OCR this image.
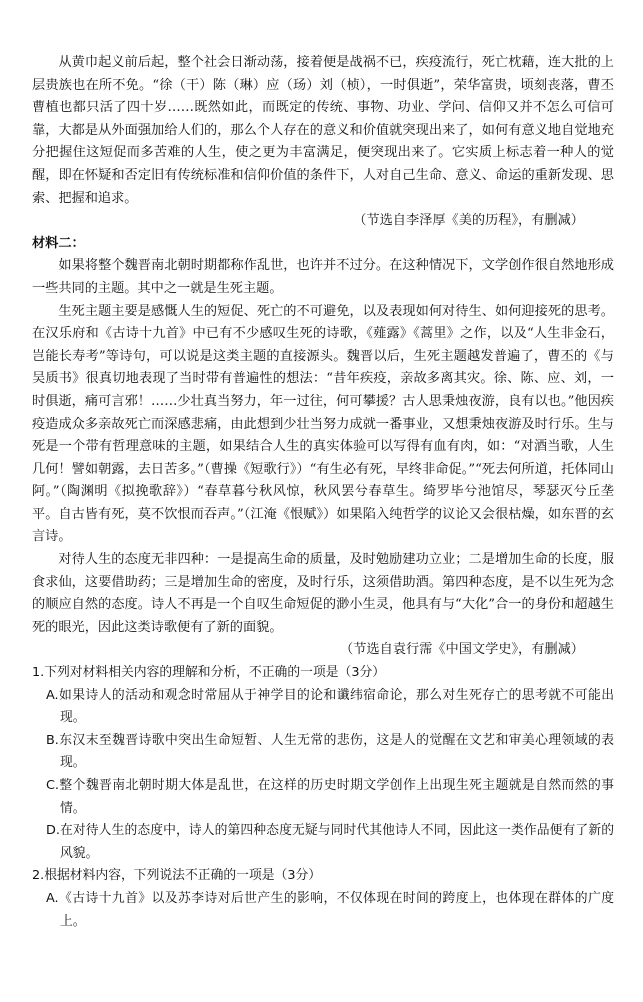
从黄巾起义前后起，整个社会日渐动荡，接着便是战祸不已，疾疫流行，死亡枕藉，连大批的上层贵族也在所不免。“徐（干）陈（琳）应（玚）刘（桢），一时俱逝”，荣华富贵，顷刻丧落，曹丕曹植也都只活了四十岁……既然如此，而既定的传统、事物、功业、学问、信仰又并不怎么可信可靠，大都是从外面强加给人们的，那么个人存在的意义和价值就突现出来了，如何有意义地自觉地充分把握住这短促而多苦难的人生，使之更为丰富满足，便突现出来了。它实质上标志着一种人的觉醒，即在怀疑和否定旧有传统标准和信仰价值的条件下，人对自己生命、意义、命运的重新发现、思索、把握和追求。

（节选自李泽厚《美的历程》，有删减）

材料二：

如果将整个魏晋南北朝时期都称作乱世，也许并不过分。在这种情况下，文学创作很自然地形成一些共同的主题。其中之一就是生死主题。

生死主题主要是感慨人生的短促、死亡的不可避免，以及表现如何对待生、如何迎接死的思考。在汉乐府和《古诗十九首》中已有不少感叹生死的诗歌，《薤露》《蒿里》之作，以及“人生非金石，岂能长寿考”等诗句，可以说是这类主题的直接源头。魏晋以后，生死主题越发普遍了，曹丕的《与吴质书》很真切地表现了当时带有普遍性的想法：“昔年疾疫，亲故多离其灾。徐、陈、应、刘，一时俱逝，痛可言邪！……少壮真当努力，年一过往，何可攀援？古人思秉烛夜游，良有以也。”他因疾疫造成众多亲故死亡而深感悲痛，由此想到少壮当努力成就一番事业，又想秉烛夜游及时行乐。生与死是一个带有哲理意味的主题，如果结合人生的真实体验可以写得有血有肉，如：“对酒当歌，人生几何！譬如朝露，去日苦多。”（曹操《短歌行》）“有生必有死，早终非命促。”“死去何所道，托体同山阿。”（陶渊明《拟挽歌辞》）“春草暮兮秋风惊，秋风罢兮春草生。绮罗毕兮池馆尽，琴瑟灭兮丘垄平。自古皆有死，莫不饮恨而吞声。”（江淹《恨赋》）如果陷入纯哲学的议论又会很枯燥，如东晋的玄言诗。

对待人生的态度无非四种：一是提高生命的质量，及时勉励建功立业；二是增加生命的长度，服食求仙，这要借助药；三是增加生命的密度，及时行乐，这须借助酒。第四种态度，是不以生死为念的顺应自然的态度。诗人不再是一个自叹生命短促的渺小生灵，他具有与“大化”合一的身份和超越生死的眼光，因此这类诗歌便有了新的面貌。

（节选自袁行霈《中国文学史》，有删减）

1.下列对材料相关内容的理解和分析，不正确的一项是（3分）

A.如果诗人的活动和观念时常屈从于神学目的论和谶纬宿命论，那么对生死存亡的思考就不可能出现。

B.东汉末至魏晋诗歌中突出生命短暂、人生无常的悲伤，这是人的觉醒在文艺和审美心理领域的表现。

C.整个魏晋南北朝时期大体是乱世，在这样的历史时期文学创作上出现生死主题就是自然而然的事情。

D.在对待人生的态度中，诗人的第四种态度无疑与同时代其他诗人不同，因此这一类作品便有了新的风貌。

2.根据材料内容，下列说法不正确的一项是（3分）

A.《古诗十九首》以及苏李诗对后世产生的影响，不仅体现在时间的跨度上，也体现在群体的广度上。
